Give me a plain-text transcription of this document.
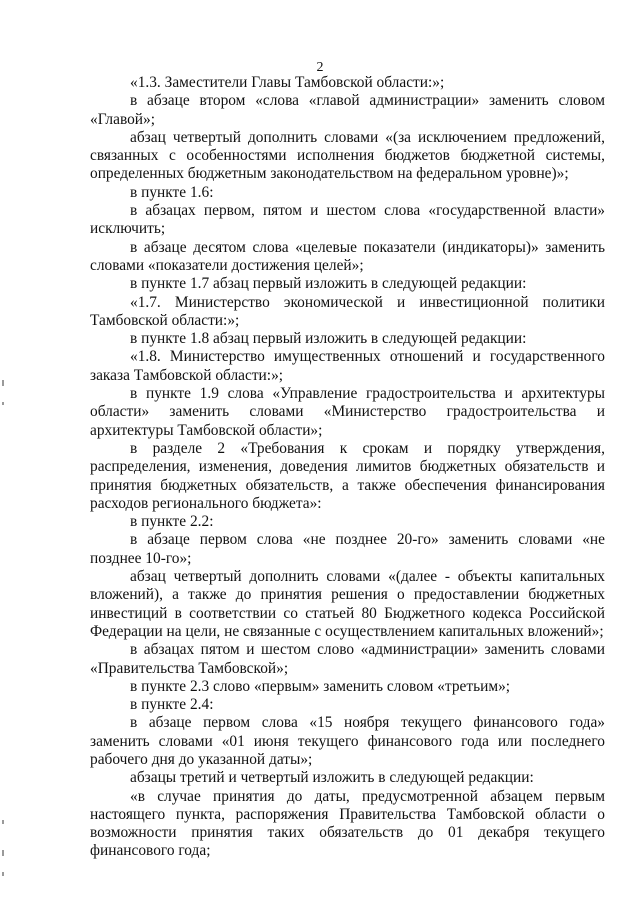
2

«1.3. Заместители Главы Тамбовской области:»;

в абзаце втором «слова «главой администрации» заменить словом «Главой»;

абзац четвертый дополнить словами «(за исключением предложений, связанных с особенностями исполнения бюджетов бюджетной системы, определенных бюджетным законодательством на федеральном уровне)»;

в пункте 1.6:

в абзацах первом, пятом и шестом слова «государственной власти» исключить;

в абзаце десятом слова «целевые показатели (индикаторы)» заменить словами «показатели достижения целей»;

в пункте 1.7 абзац первый изложить в следующей редакции:

«1.7. Министерство экономической и инвестиционной политики Тамбовской области:»;

в пункте 1.8 абзац первый изложить в следующей редакции:

«1.8. Министерство имущественных отношений и государственного заказа Тамбовской области:»;

в пункте 1.9 слова «Управление градостроительства и архитектуры области» заменить словами «Министерство градостроительства и архитектуры Тамбовской области»;

в разделе 2 «Требования к срокам и порядку утверждения, распределения, изменения, доведения лимитов бюджетных обязательств и принятия бюджетных обязательств, а также обеспечения финансирования расходов регионального бюджета»:

в пункте 2.2:

в абзаце первом слова «не позднее 20-го» заменить словами «не позднее 10-го»;

абзац четвертый дополнить словами «(далее - объекты капитальных вложений), а также до принятия решения о предоставлении бюджетных инвестиций в соответствии со статьей 80 Бюджетного кодекса Российской Федерации на цели, не связанные с осуществлением капитальных вложений»;

в абзацах пятом и шестом слово «администрации» заменить словами «Правительства Тамбовской»;

в пункте 2.3 слово «первым» заменить словом «третьим»;

в пункте 2.4:

в абзаце первом слова «15 ноября текущего финансового года» заменить словами «01 июня текущего финансового года или последнего рабочего дня до указанной даты»;

абзацы третий и четвертый изложить в следующей редакции:

«в случае принятия до даты, предусмотренной абзацем первым настоящего пункта, распоряжения Правительства Тамбовской области о возможности принятия таких обязательств до 01 декабря текущего финансового года;
